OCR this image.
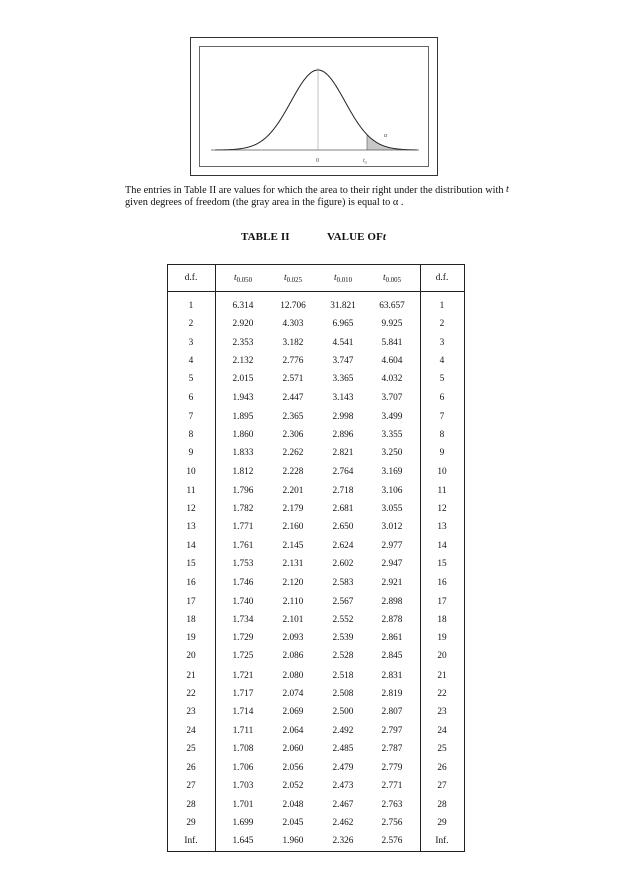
0
α
$t_\alpha$
The entries in Table II are values for which the area to their right under the distribution with given degrees of freedom (the gray area in the figure) is equal to α .
t
TABLE II	VALUE OFt
d.f.	$t_{0.050}$	$t_{0.025}$	$t_{0.010}$	$t_{0.005}$	d.f.
1	6.314	12.706	31.821	63.657	1
2	2.920	4.303	6.965	9.925	2
3	2.353	3.182	4.541	5.841	3
4	2.132	2.776	3.747	4.604	4
5	2.015	2.571	3.365	4.032	5
6	1.943	2.447	3.143	3.707	6
7	1.895	2.365	2.998	3.499	7
8	1.860	2.306	2.896	3.355	8
9	1.833	2.262	2.821	3.250	9
10	1.812	2.228	2.764	3.169	10
11	1.796	2.201	2.718	3.106	11
12	1.782	2.179	2.681	3.055	12
13	1.771	2.160	2.650	3.012	13
14	1.761	2.145	2.624	2.977	14
15	1.753	2.131	2.602	2.947	15
16	1.746	2.120	2.583	2.921	16
17	1.740	2.110	2.567	2.898	17
18	1.734	2.101	2.552	2.878	18
19	1.729	2.093	2.539	2.861	19
20	1.725	2.086	2.528	2.845	20
21	1.721	2.080	2.518	2.831	21
22	1.717	2.074	2.508	2.819	22
23	1.714	2.069	2.500	2.807	23
24	1.711	2.064	2.492	2.797	24
25	1.708	2.060	2.485	2.787	25
26	1.706	2.056	2.479	2.779	26
27	1.703	2.052	2.473	2.771	27
28	1.701	2.048	2.467	2.763	28
29	1.699	2.045	2.462	2.756	29
Inf.	1.645	1.960	2.326	2.576	Inf.
